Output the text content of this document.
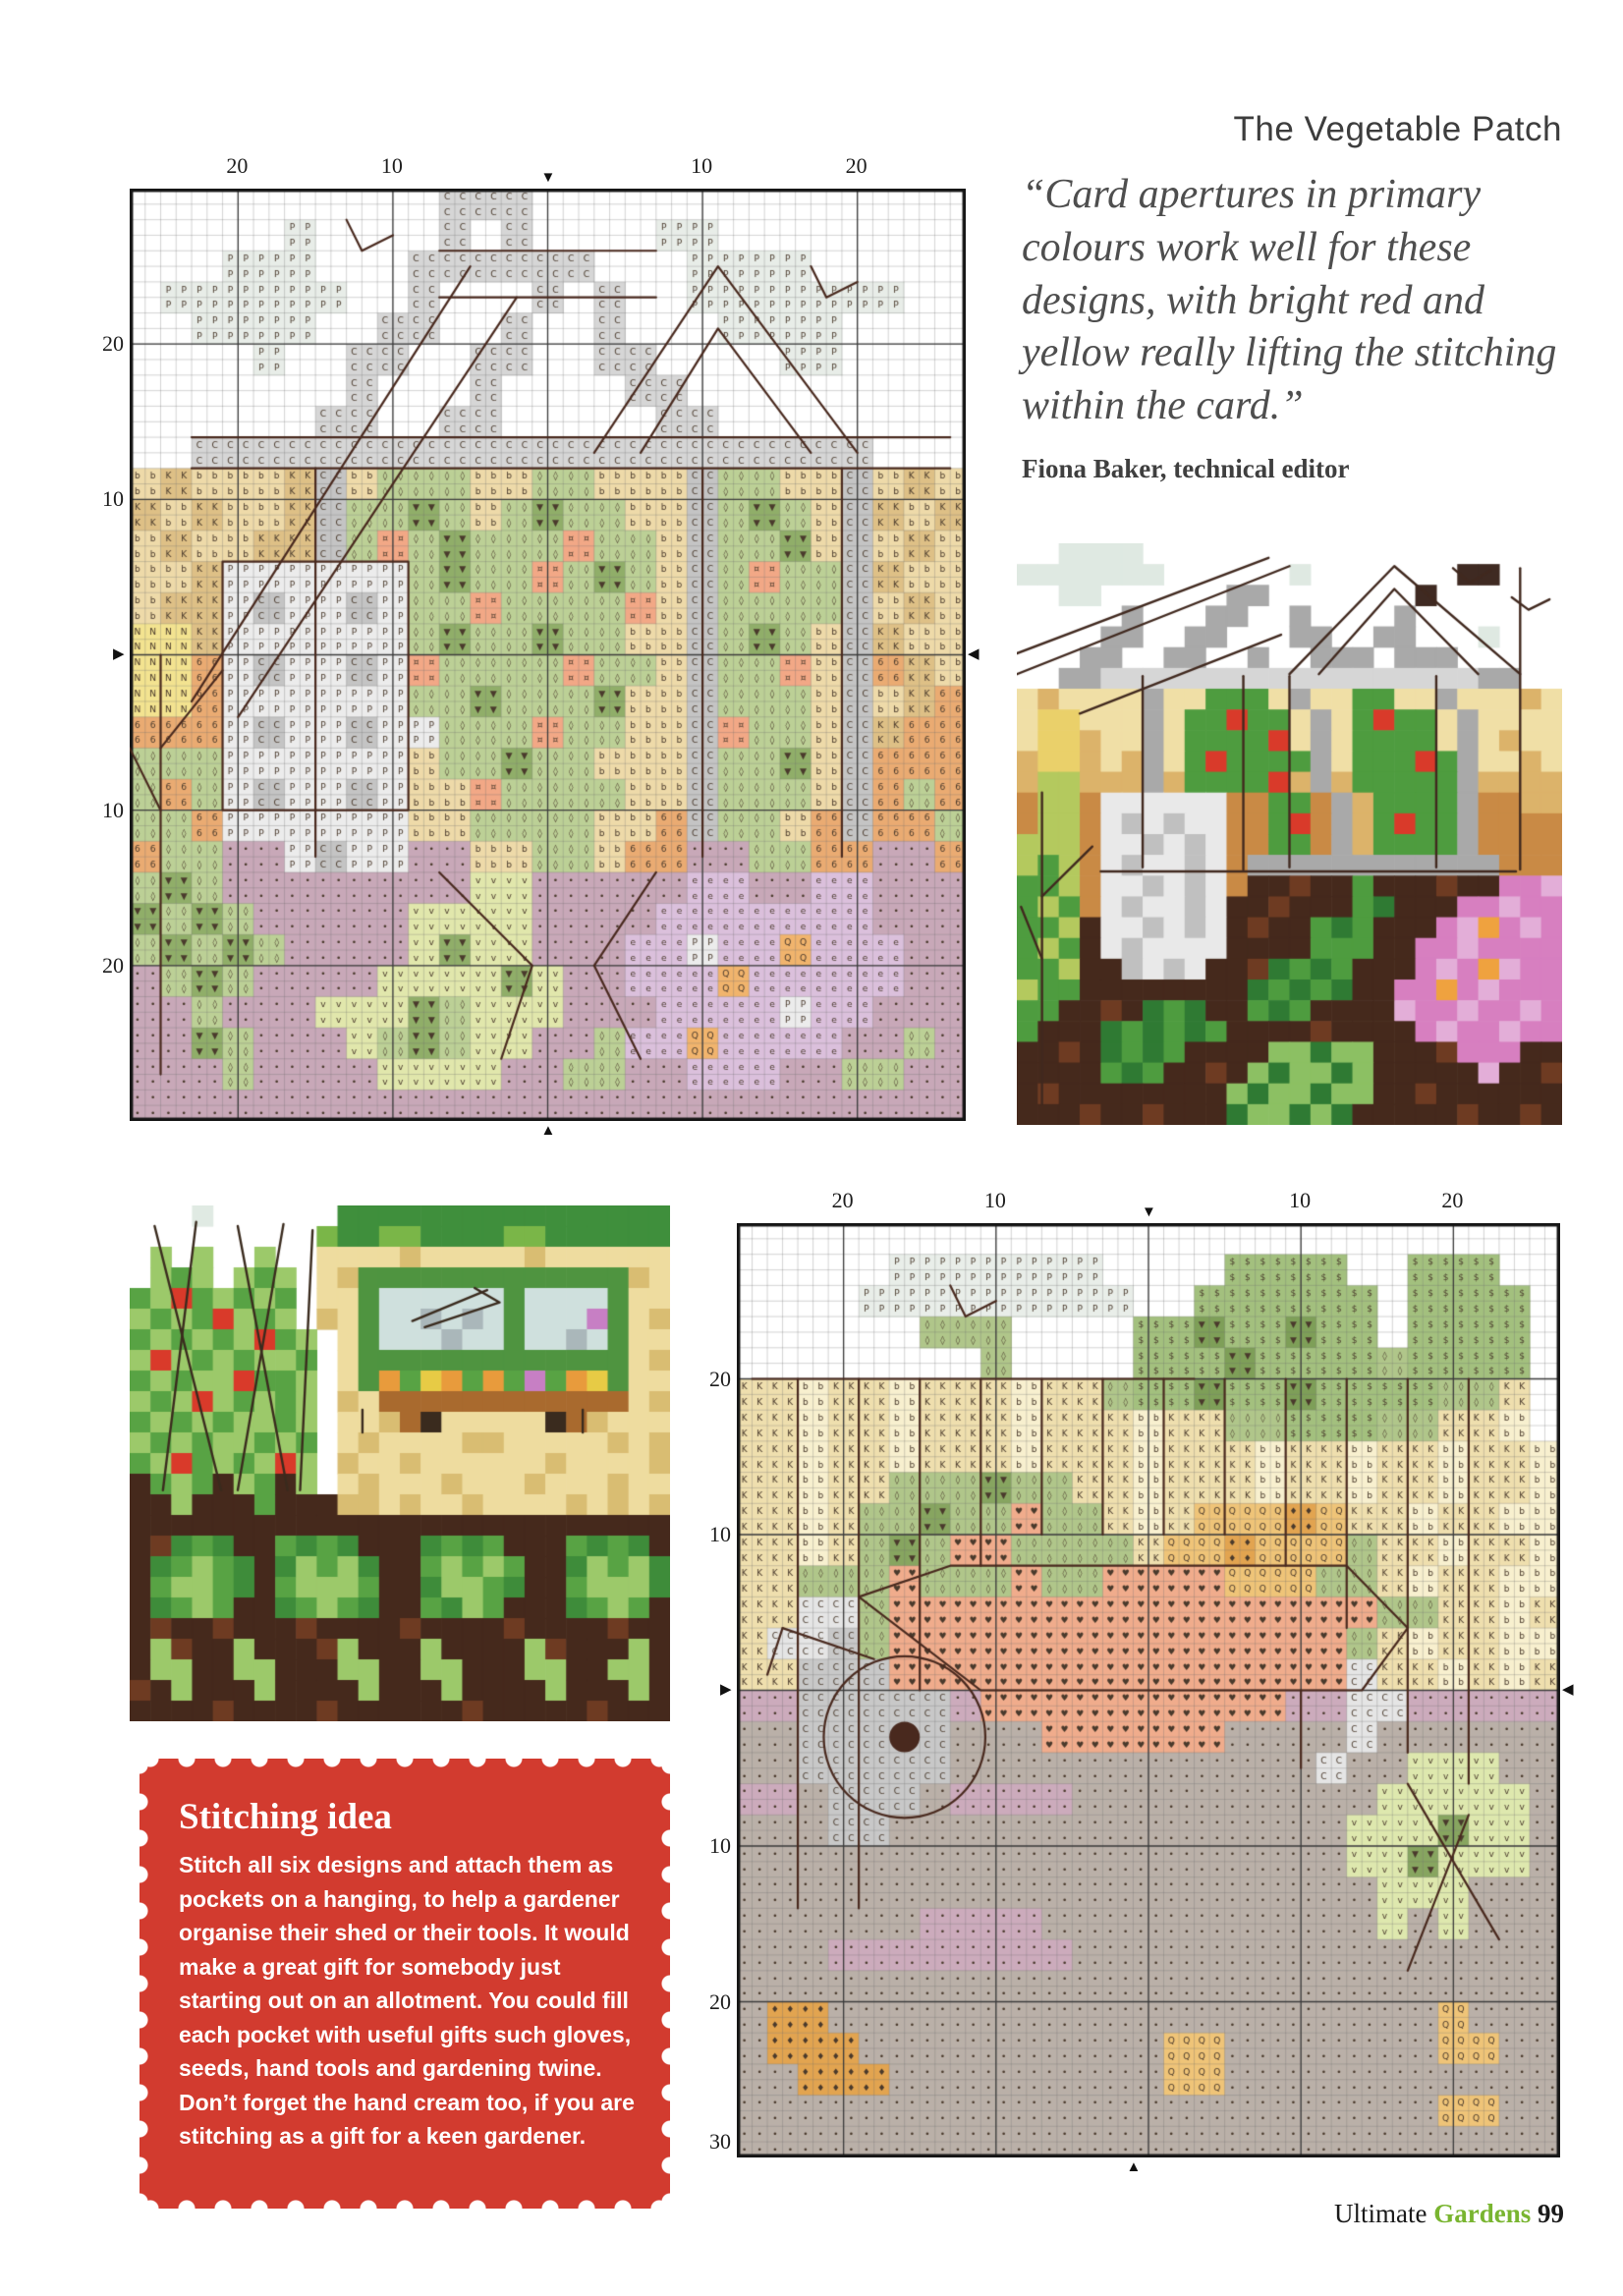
The Vegetable Patch
20	10	10	20
20
10
10
20
▼
▲
▶	◀
“Card apertures in primary colours work well for these designs, with bright red and yellow really lifting the stitching within the card.”
Fiona Baker, technical editor
20	10	10	20
20
10
10
20
30
▼
▲
▶	◀
Stitching idea

Stitch all six designs and attach them as pockets on a hanging, to help a gardener organise their shed or their tools. It would make a great gift for somebody just starting out on an allotment. You could fill each pocket with useful gifts such gloves, seeds, hand tools and gardening twine. Don’t forget the hand cream too, if you are stitching as a gift for a keen gardener.

Ultimate Gardens 99
